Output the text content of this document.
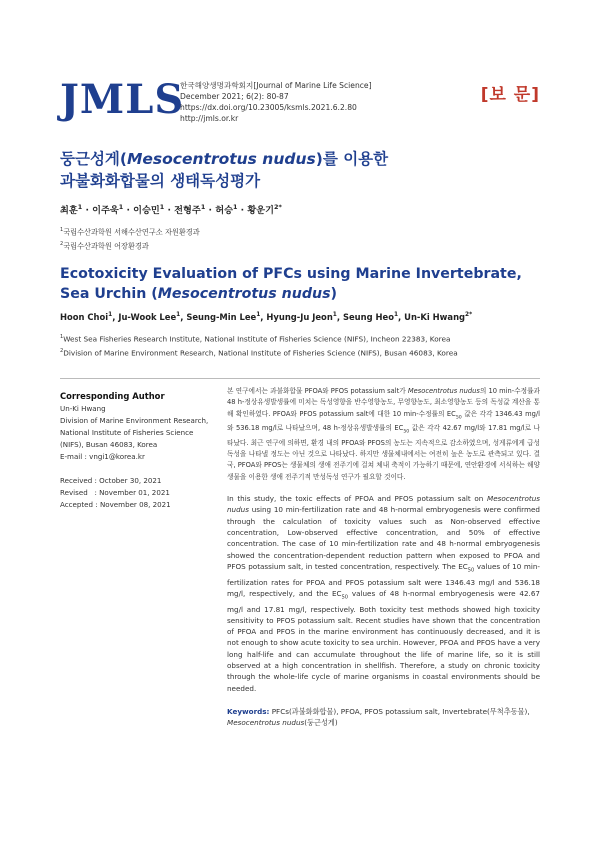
JMLS
한국해양생명과학회지[Journal of Marine Life Science]
December 2021; 6(2): 80-87
https://dx.doi.org/10.23005/ksmls.2021.6.2.80
http://jmls.or.kr
[보 문]
둥근성게(Mesocentrotus nudus)를 이용한
과불화화합물의 생태독성평가
최훈$^1$ · 이주욱$^1$ · 이승민$^1$ · 전형주$^1$ · 허승$^1$ · 황운기$^{2*}$
$^1$국립수산과학원 서해수산연구소 자원환경과
$^2$국립수산과학원 어장환경과
Ecotoxicity Evaluation of PFCs using Marine Invertebrate,
Sea Urchin (Mesocentrotus nudus)
Hoon Choi$^1$, Ju-Wook Lee$^1$, Seung-Min Lee$^1$, Hyung-Ju Jeon$^1$, Seung Heo$^1$, Un-Ki Hwang$^{2*}$
$^1$West Sea Fisheries Research Institute, National Institute of Fisheries Science (NIFS), Incheon 22383, Korea
$^2$Division of Marine Environment Research, National Institute of Fisheries Science (NIFS), Busan 46083, Korea
Corresponding Author
Un-Ki Hwang
Division of Marine Environment Research,
National Institute of Fisheries Science
(NIFS), Busan 46083, Korea
E-mail : vngi1@korea.kr
Received : October 30, 2021
Revised   : November 01, 2021
Accepted : November 08, 2021

본 연구에서는 과불화합물 PFOA와 PFOS potassium salt가 Mesocentrotus nudus의 10 min-수정률과 48 h-정상유생발생률에 미치는 독성영향을 반수영향농도, 무영향농도, 최소영향농도 등의 독성값 계산을 통해 확인하였다. PFOA와 PFOS potassium salt에 대한 10 min-수정률의 $EC_{50}$ 값은 각각 1346.43 mg/l와 536.18 mg/l로 나타났으며, 48 h-정상유생발생률의 $EC_{50}$ 값은 각각 42.67 mg/l와 17.81 mg/l로 나타났다. 최근 연구에 의하면, 환경 내의 PFOA와 PFOS의 농도는 지속적으로 감소하였으며, 성게류에게 급성독성을 나타낼 정도는 아닌 것으로 나타났다. 하지만 생물체내에서는 여전히 높은 농도로 관측되고 있다. 결국, PFOA와 PFOS는 생물체의 생애 전주기에 걸쳐 체내 축적이 가능하기 때문에, 연안환경에 서식하는 해양생물을 이용한 생애 전주기적 만성독성 연구가 필요할 것이다.

In this study, the toxic effects of PFOA and PFOS potassium salt on Mesocentrotus nudus using 10 min-fertilization rate and 48 h-normal embryogenesis were confirmed through the calculation of toxicity values such as Non-observed effective concentration, Low-observed effective concentration, and 50% of effective concentration. The case of 10 min-fertilization rate and 48 h-normal embryogenesis showed the concentration-dependent reduction pattern when exposed to PFOA and PFOS potassium salt, in tested concentration, respectively. The $EC_{50}$ values of 10 min-fertilization rates for PFOA and PFOS potassium salt were 1346.43 mg/l and 536.18 mg/l, respectively, and the $EC_{50}$ values of 48 h-normal embryogenesis were 42.67 mg/l and 17.81 mg/l, respectively. Both toxicity test methods showed high toxicity sensitivity to PFOS potassium salt. Recent studies have shown that the concentration of PFOA and PFOS in the marine environment has continuously decreased, and it is not enough to show acute toxicity to sea urchin. However, PFOA and PFOS have a very long half-life and can accumulate throughout the life of marine life, so it is still observed at a high concentration in shellfish. Therefore, a study on chronic toxicity through the whole-life cycle of marine organisms in coastal environments should be needed.

Keywords: PFCs(과불화화합물), PFOA, PFOS potassium salt, Invertebrate(무척추동물), Mesocentrotus nudus(둥근성게)
